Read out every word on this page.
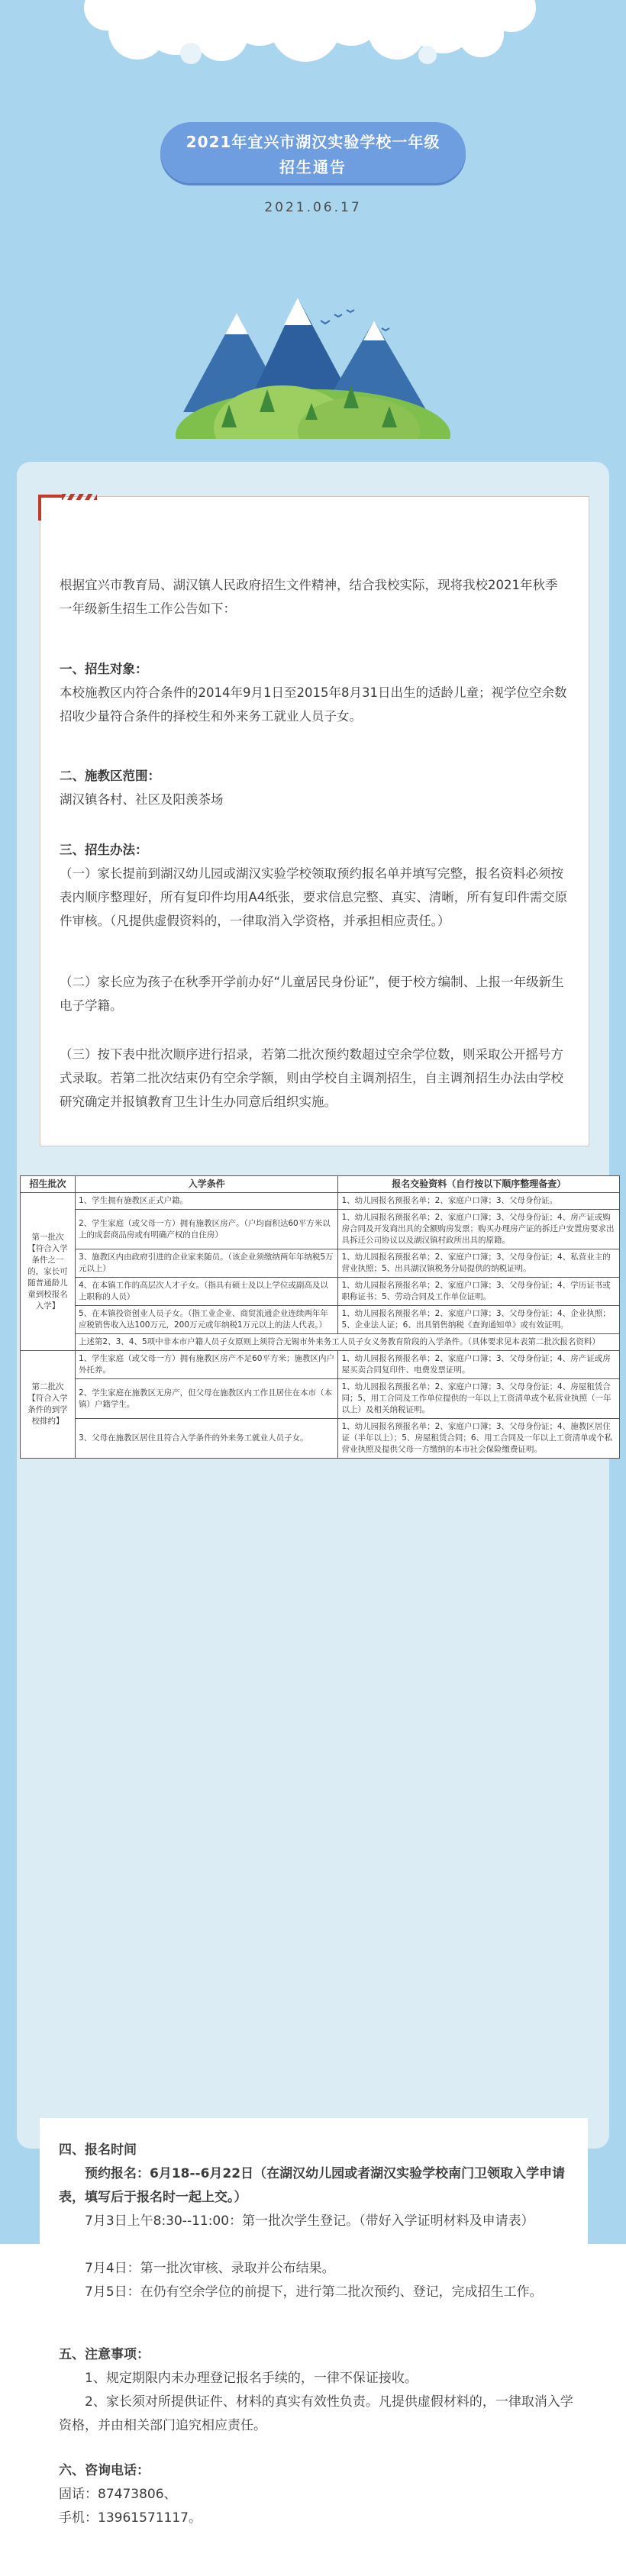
2021年宜兴市湖汉实验学校一年级
招生通告
2021.06.17

根据宜兴市教育局、湖汉镇人民政府招生文件精神，结合我校实际，现将我校2021年秋季一年级新生招生工作公告如下：

一、招生对象：

本校施教区内符合条件的2014年9月1日至2015年8月31日出生的适龄儿童；视学位空余数招收少量符合条件的择校生和外来务工就业人员子女。

二、施教区范围：

湖汉镇各村、社区及阳羡茶场

三、招生办法：

（一）家长提前到湖汉幼儿园或湖汉实验学校领取预约报名单并填写完整，报名资料必须按表内顺序整理好，所有复印件均用A4纸张，要求信息完整、真实、清晰，所有复印件需交原件审核。（凡提供虚假资料的，一律取消入学资格，并承担相应责任。）

（二）家长应为孩子在秋季开学前办好“儿童居民身份证”，便于校方编制、上报一年级新生电子学籍。

（三）按下表中批次顺序进行招录，若第二批次预约数超过空余学位数，则采取公开摇号方式录取。若第二批次结束仍有空余学额，则由学校自主调剂招生，自主调剂招生办法由学校研究确定并报镇教育卫生计生办同意后组织实施。

四、报名时间

预约报名：6月18--6月22日（在湖汉幼儿园或者湖汉实验学校南门卫领取入学申请表，填写后于报名时一起上交。）

7月3日上午8:30--11:00：第一批次学生登记。（带好入学证明材料及申请表）

7月4日：第一批次审核、录取并公布结果。

7月5日：在仍有空余学位的前提下，进行第二批次预约、登记，完成招生工作。

五、注意事项：

1、规定期限内未办理登记报名手续的，一律不保证接收。

2、家长须对所提供证件、材料的真实有效性负责。凡提供虚假材料的，一律取消入学资格，并由相关部门追究相应责任。

六、咨询电话：

固话：87473806、

手机：13961571117。

招生批次	入学条件	报名交验资料（自行按以下顺序整理备查）
第一批次【符合入学条件之一的，家长可随普通龄儿童到校报名入学】	1、学生拥有施教区正式户籍。	1、幼儿园报名预报名单；2、家庭户口簿；3、父母身份证。
	2、学生家庭（或父母一方）拥有施教区房产。（户均面积达60平方米以上的成套商品房或有明确产权的自住房）	1、幼儿园报名预报名单；2、家庭户口簿；3、父母身份证；4、房产证或购房合同及开发商出具的全额购房发票；购买办理房产证的拆迁户安置房要求出具拆迁公司协议以及湖汉镇村政所出具的原籍。
	3、施教区内由政府引进的企业家来随员。（该企业须缴纳两年年纳税5万元以上）	1、幼儿园报名预报名单；2、家庭户口簿；3、父母身份证；4、私营业主的营业执照；5、出具湖汉镇税务分局提供的纳税证明。
	4、在本镇工作的高层次人才子女。（指具有硕士及以上学位或副高及以上职称的人员）	1、幼儿园报名预报名单；2、家庭户口簿；3、父母身份证；4、学历证书或职称证书；5、劳动合同及工作单位证明。
	5、在本镇投资创业人员子女。（指工业企业、商贸流通企业连续两年年应税销售收入达100万元，200万元或年纳税1万元以上的法人代表。）	1、幼儿园报名预报名单；2、家庭户口簿；3、父母身份证；4、企业执照；5、企业法人证；6、出具销售纳税《查询通知单》或有效证明。
	上述第2、3、4、5项中非本市户籍人员子女原则上须符合无锡市外来务工人员子女义务教育阶段的入学条件。（具体要求见本表第二批次报名资料）	
第二批次【符合入学条件的到学校排约】	1、学生家庭（或父母一方）拥有施教区房产不足60平方米；施教区内户外托养。	1、幼儿园报名预报名单；2、家庭户口簿；3、父母身份证；4、房产证或房屋买卖合同复印件、电费发票证明。
	2、学生家庭在施教区无房产，但父母在施教区内工作且居住在本市（本镇）户籍学生。	1、幼儿园报名预报名单；2、家庭户口簿；3、父母身份证；4、房屋租赁合同；5、用工合同及工作单位提供的一年以上工资清单或个私营业执照（一年以上）及相关纳税证明。
	3、父母在施教区居住且符合入学条件的外来务工就业人员子女。	1、幼儿园报名预报名单；2、家庭户口簿；3、父母身份证；4、施教区居住证（半年以上）；5、房屋租赁合同；6、用工合同及一年以上工资清单或个私营业执照及提供父母一方缴纳的本市社会保险缴费证明。
